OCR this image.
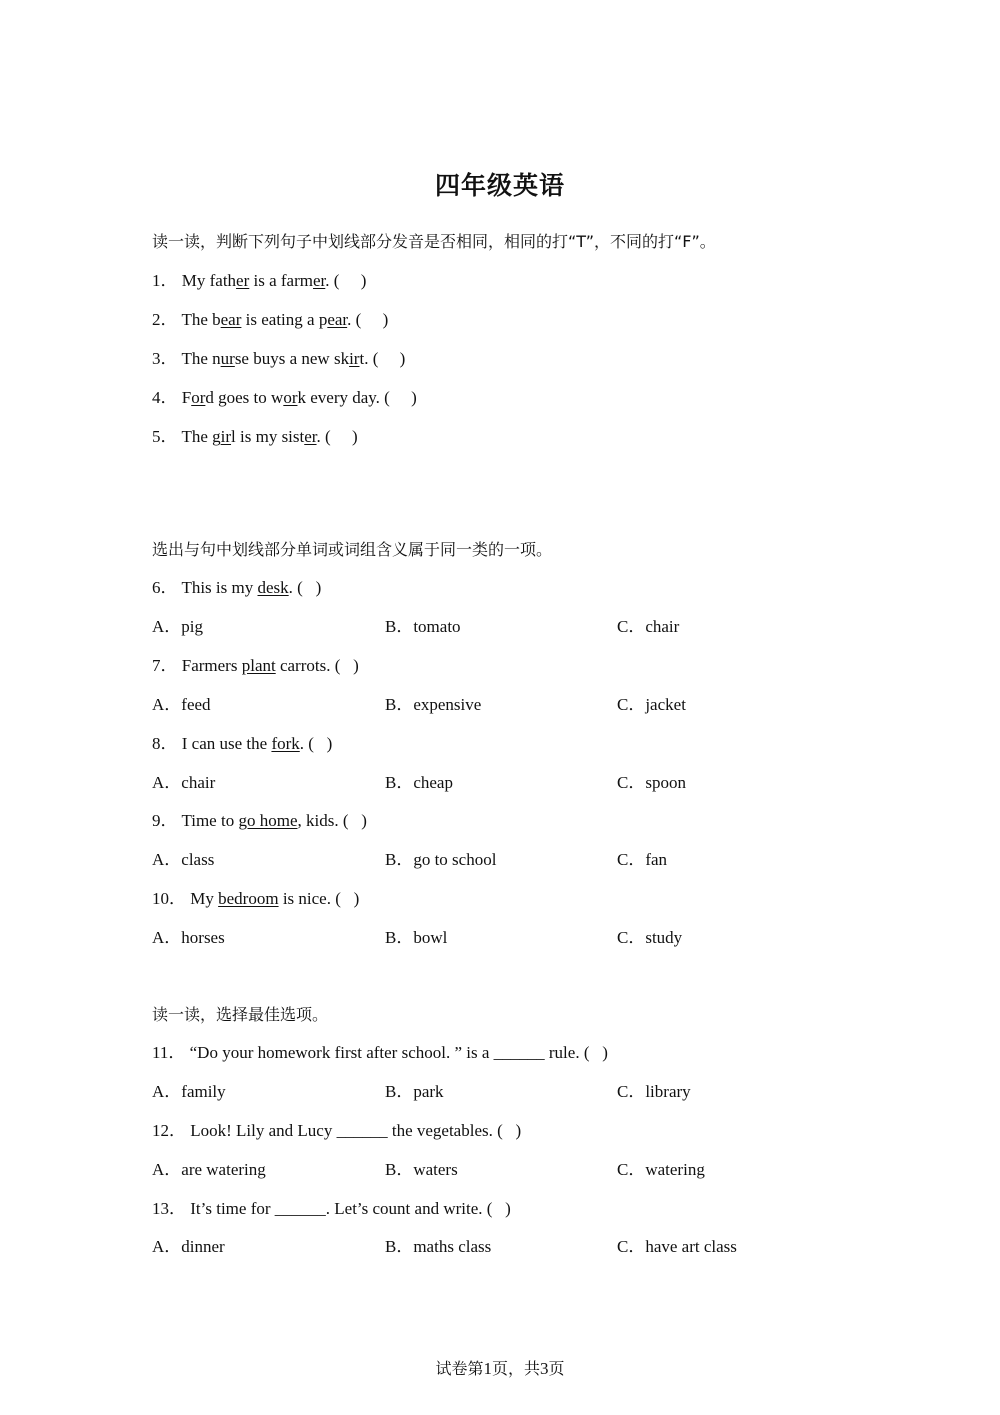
四年级英语
读一读，判断下列句子中划线部分发音是否相同，相同的打“T”，不同的打“F”。
1． My father is a farmer. (     )
2． The bear is eating a pear. (     )
3． The nurse buys a new skirt. (     )
4． Ford goes to work every day. (     )
5． The girl is my sister. (     )
选出与句中划线部分单词或词组含义属于同一类的一项。
6． This is my desk. (   )
A．pig	B．tomato	C．chair
7． Farmers plant carrots. (   )
A．feed	B．expensive	C．jacket
8． I can use the fork. (   )
A．chair	B．cheap	C．spoon
9． Time to go home, kids. (   )
A．class	B．go to school	C．fan
10． My bedroom is nice. (   )
A．horses	B．bowl	C．study
读一读，选择最佳选项。
11． “Do your homework first after school. ” is a ______ rule. (   )
A．family	B．park	C．library
12． Look! Lily and Lucy ______ the vegetables. (   )
A．are watering	B．waters	C．watering
13． It’s time for ______. Let’s count and write. (   )
A．dinner	B．maths class	C．have art class
试卷第1页，共3页
